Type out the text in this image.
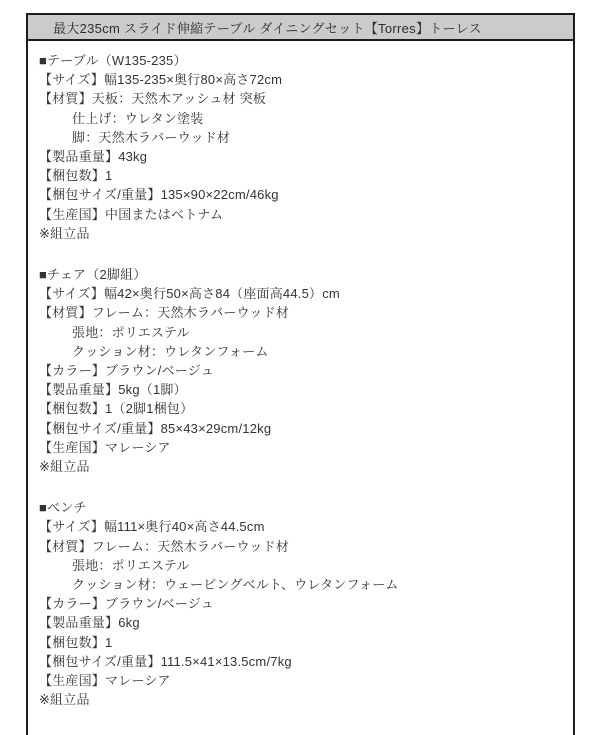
最大235cm スライド伸縮テーブル ダイニングセット【Torres】トーレス
■テーブル（W135-235）
【サイズ】幅135-235×奥行80×高さ72cm
【材質】天板：天然木アッシュ材 突板
仕上げ：ウレタン塗装
脚：天然木ラバーウッド材
【製品重量】43kg
【梱包数】1
【梱包サイズ/重量】135×90×22cm/46kg
【生産国】中国またはベトナム
※組立品
■チェア（2脚組）
【サイズ】幅42×奥行50×高さ84（座面高44.5）cm
【材質】フレーム：天然木ラバーウッド材
張地：ポリエステル
クッション材：ウレタンフォーム
【カラー】ブラウン/ベージュ
【製品重量】5kg（1脚）
【梱包数】1（2脚1梱包）
【梱包サイズ/重量】85×43×29cm/12kg
【生産国】マレーシア
※組立品
■ベンチ
【サイズ】幅111×奥行40×高さ44.5cm
【材質】フレーム：天然木ラバーウッド材
張地：ポリエステル
クッション材：ウェービングベルト、ウレタンフォーム
【カラー】ブラウン/ベージュ
【製品重量】6kg
【梱包数】1
【梱包サイズ/重量】111.5×41×13.5cm/7kg
【生産国】マレーシア
※組立品
